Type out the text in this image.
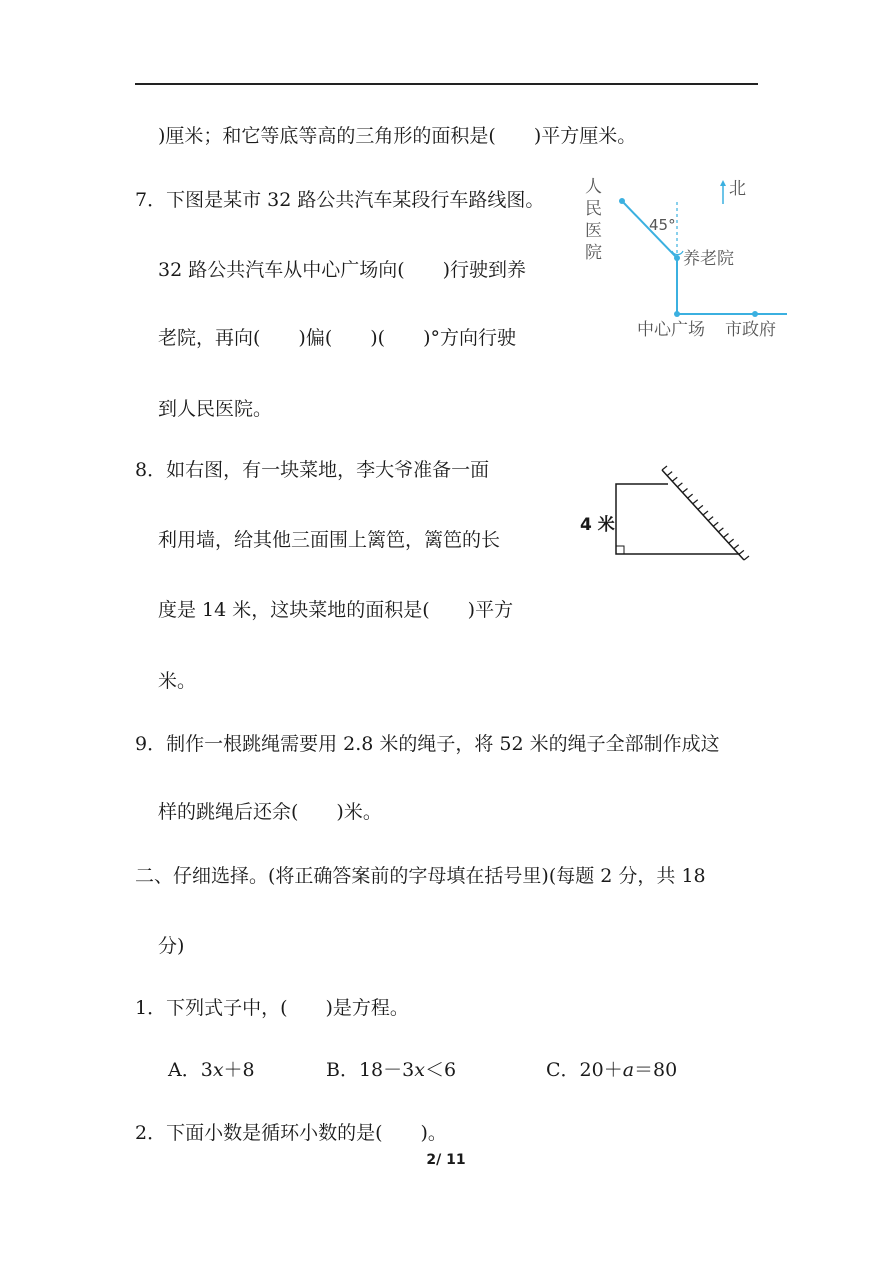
)厘米；和它等底等高的三角形的面积是(　　)平方厘米。
7．下图是某市 32 路公共汽车某段行车路线图。
32 路公共汽车从中心广场向(　　)行驶到养
老院，再向(　　)偏(　　)(　　)°方向行驶
到人民医院。
北
人
民
医
院
45°
养老院
中心广场 市政府
人民医院
8．如右图，有一块菜地，李大爷准备一面
利用墙，给其他三面围上篱笆，篱笆的长
度是 14 米，这块菜地的面积是(　　)平方
米。
4 米
9．制作一根跳绳需要用 2.8 米的绳子，将 52 米的绳子全部制作成这
样的跳绳后还余(　　)米。
二、仔细选择。(将正确答案前的字母填在括号里)(每题 2 分，共 18
分)
1．下列式子中，(　　)是方程。
A．3x＋8	B．18－3x＜6	C．20＋a＝80
2．下面小数是循环小数的是(　　)。
2/ 11
